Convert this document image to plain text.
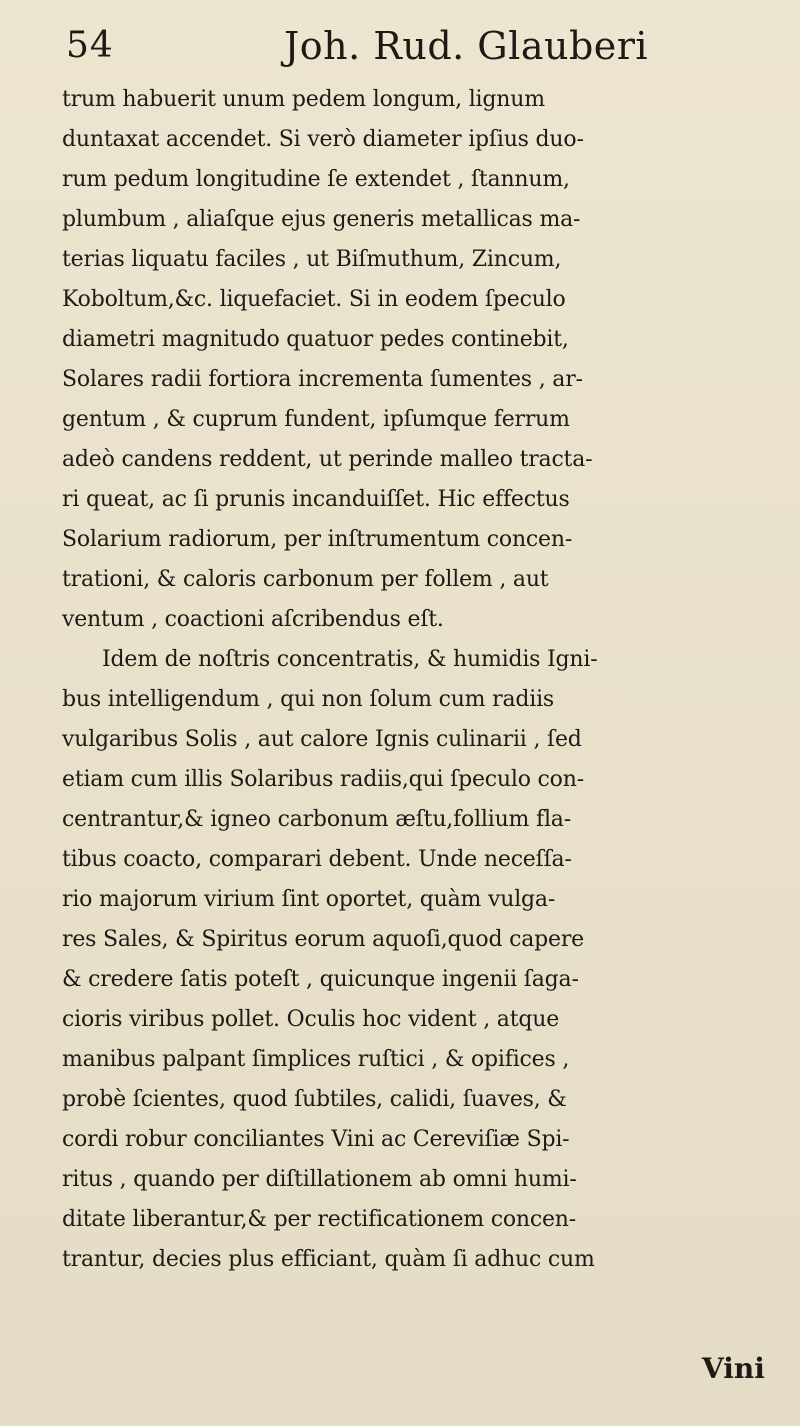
54	Joh. Rud. Glauberi
trum habuerit unum pedem longum, lignum
duntaxat accendet. Si verò diameter ipſius duo-
rum pedum longitudine ſe extendet , ſtannum,
plumbum , aliaſque ejus generis metallicas ma-
terias liquatu faciles , ut Biſmuthum, Zincum,
Koboltum,&c. liquefaciet. Si in eodem ſpeculo
diametri magnitudo quatuor pedes continebit,
Solares radii fortiora incrementa ſumentes , ar-
gentum , & cuprum fundent, ipſumque ferrum
adeò candens reddent, ut perinde malleo tracta-
ri queat, ac ſi prunis incanduiſſet. Hic effectus
Solarium radiorum, per inſtrumentum concen-
trationi, & caloris carbonum per follem , aut
ventum , coactioni aſcribendus eſt.
Idem de noſtris concentratis, & humidis Igni-
bus intelligendum , qui non ſolum cum radiis
vulgaribus Solis , aut calore Ignis culinarii , ſed
etiam cum illis Solaribus radiis,qui ſpeculo con-
centrantur,& igneo carbonum æſtu,follium fla-
tibus coacto, comparari debent. Unde neceſſa-
rio majorum virium ſint oportet, quàm vulga-
res Sales, & Spiritus eorum aquoſi,quod capere
& credere ſatis poteſt , quicunque ingenii ſaga-
cioris viribus pollet. Oculis hoc vident , atque
manibus palpant ſimplices ruſtici , & opifices ,
probè ſcientes, quod ſubtiles, calidi, ſuaves, &
cordi robur conciliantes Vini ac Cereviſiæ Spi-
ritus , quando per diſtillationem ab omni humi-
ditate liberantur,& per rectificationem concen-
trantur, decies plus efficiant, quàm ſi adhuc cum
Vini
